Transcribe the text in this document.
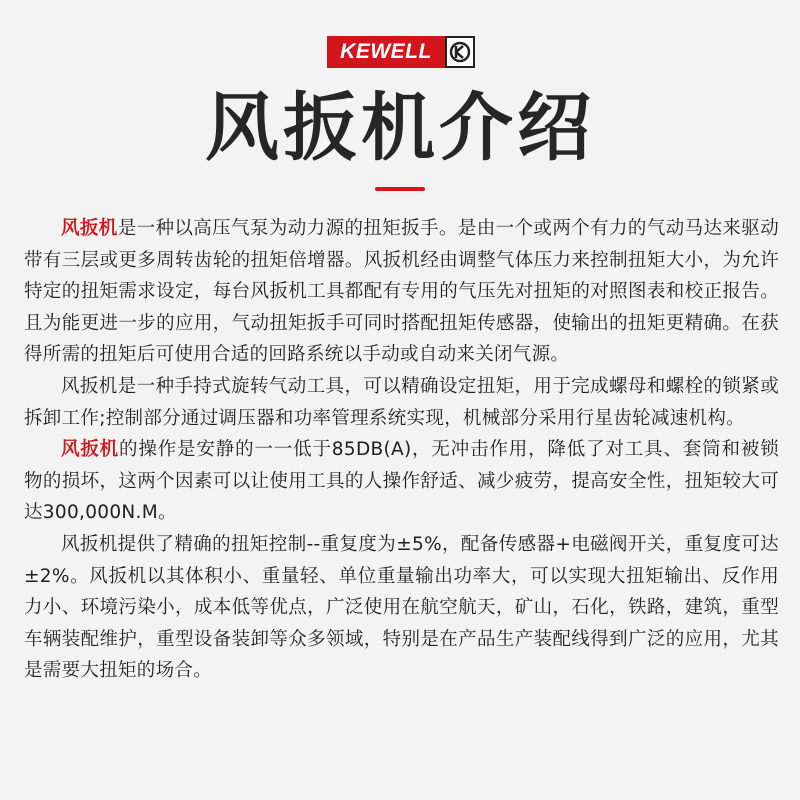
KEWELL
风扳机介绍

风扳机是一种以高压气泵为动力源的扭矩扳手。是由一个或两个有力的气动马达来驱动带有三层或更多周转齿轮的扭矩倍增器。风扳机经由调整气体压力来控制扭矩大小，为允许特定的扭矩需求设定，每台风扳机工具都配有专用的气压先对扭矩的对照图表和校正报告。且为能更进一步的应用，气动扭矩扳手可同时搭配扭矩传感器，使输出的扭矩更精确。在获得所需的扭矩后可使用合适的回路系统以手动或自动来关闭气源。

风扳机是一种手持式旋转气动工具，可以精确设定扭矩，用于完成螺母和螺栓的锁紧或拆卸工作;控制部分通过调压器和功率管理系统实现，机械部分采用行星齿轮减速机构。

风扳机的操作是安静的一一低于85DB(A)，无冲击作用，降低了对工具、套筒和被锁物的损坏，这两个因素可以让使用工具的人操作舒适、减少疲劳，提高安全性，扭矩较大可达300,000N.M。

风扳机提供了精确的扭矩控制--重复度为±5%，配备传感器+电磁阀开关，重复度可达±2%。风扳机以其体积小、重量轻、单位重量输出功率大，可以实现大扭矩输出、反作用力小、环境污染小，成本低等优点，广泛使用在航空航天，矿山，石化，铁路，建筑，重型车辆装配维护，重型设备装卸等众多领域，特别是在产品生产装配线得到广泛的应用，尤其是需要大扭矩的场合。
